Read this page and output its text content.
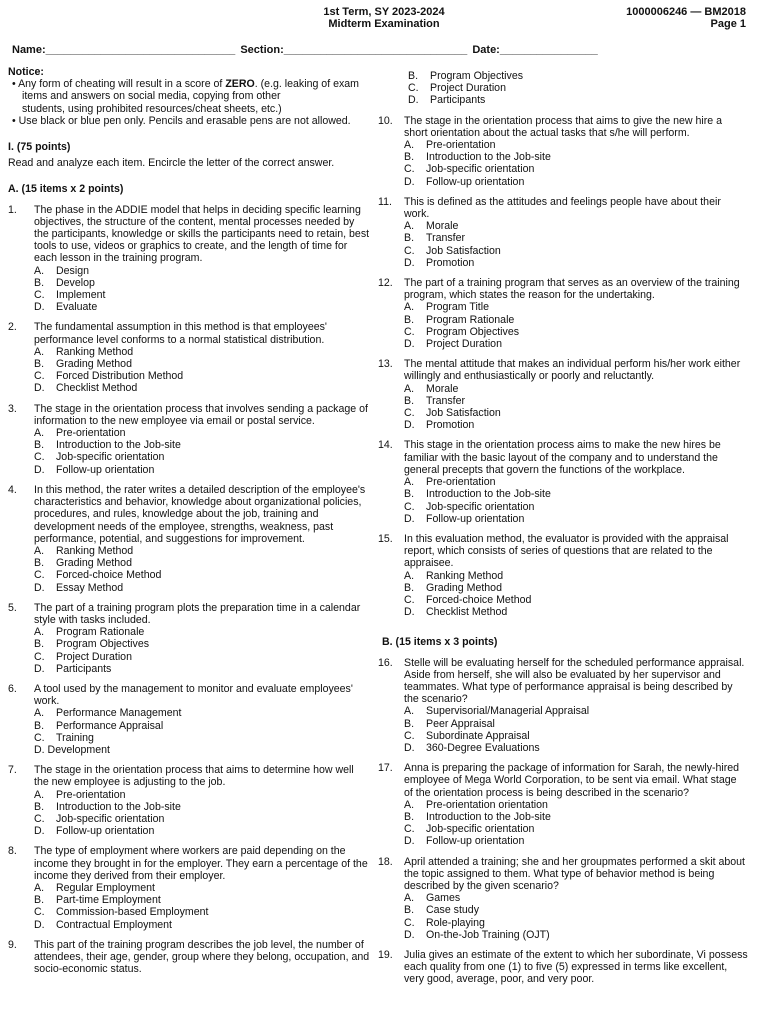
1st Term, SY 2023-2024
Midterm Examination
1000006246 — BM2018
Page 1
Name:_______________________________ Section:______________________________ Date:________________
Notice:
• Any form of cheating will result in a score of ZERO. (e.g. leaking of exam items and answers on social media, copying from other
students, using prohibited resources/cheat sheets, etc.)
• Use black or blue pen only. Pencils and erasable pens are not allowed.
I. (75 points)
Read and analyze each item. Encircle the letter of the correct answer.
A. (15 items x 2 points)
1.	The phase in the ADDIE model that helps in deciding specific learning objectives, the structure of the content, mental processes needed by the participants, knowledge or skills the participants need to retain, best tools to use, videos or graphics to create, and the length of time for each lesson in the training program.
A.	Design
B.	Develop
C.	Implement
D.	Evaluate
2.	The fundamental assumption in this method is that employees' performance level conforms to a normal statistical distribution.
A.	Ranking Method
B.	Grading Method
C.	Forced Distribution Method
D.	Checklist Method
3.	The stage in the orientation process that involves sending a package of information to the new employee via email or postal service.
A.	Pre-orientation
B.	Introduction to the Job-site
C.	Job-specific orientation
D.	Follow-up orientation
4.	In this method, the rater writes a detailed description of the employee's characteristics and behavior, knowledge about organizational policies, procedures, and rules, knowledge about the job, training and development needs of the employee, strengths, weakness, past performance, potential, and suggestions for improvement.
A.	Ranking Method
B.	Grading Method
C.	Forced-choice Method
D.	Essay Method
5.	The part of a training program plots the preparation time in a calendar style with tasks included.
A.	Program Rationale
B.	Program Objectives
C.	Project Duration
D.	Participants
6.	A tool used by the management to monitor and evaluate employees' work.
A.	Performance Management
B.	Performance Appraisal
C.	Training
D. Development
7.	The stage in the orientation process that aims to determine how well the new employee is adjusting to the job.
A.	Pre-orientation
B.	Introduction to the Job-site
C.	Job-specific orientation
D.	Follow-up orientation
8.	The type of employment where workers are paid depending on the income they brought in for the employer. They earn a percentage of the income they derived from their employer.
A.	Regular Employment
B.	Part-time Employment
C.	Commission-based Employment
D.	Contractual Employment
9.	This part of the training program describes the job level, the number of attendees, their age, gender, group where they belong, occupation, and socio-economic status.
B.	Program Objectives
C.	Project Duration
D.	Participants
10.	The stage in the orientation process that aims to give the new hire a short orientation about the actual tasks that s/he will perform.
A.	Pre-orientation
B.	Introduction to the Job-site
C.	Job-specific orientation
D.	Follow-up orientation
11.	This is defined as the attitudes and feelings people have about their work.
A.	Morale
B.	Transfer
C.	Job Satisfaction
D.	Promotion
12.	The part of a training program that serves as an overview of the training program, which states the reason for the undertaking.
A.	Program Title
B.	Program Rationale
C.	Program Objectives
D.	Project Duration
13.	The mental attitude that makes an individual perform his/her work either willingly and enthusiastically or poorly and reluctantly.
A.	Morale
B.	Transfer
C.	Job Satisfaction
D.	Promotion
14.	This stage in the orientation process aims to make the new hires be familiar with the basic layout of the company and to understand the general precepts that govern the functions of the workplace.
A.	Pre-orientation
B.	Introduction to the Job-site
C.	Job-specific orientation
D.	Follow-up orientation
15.	In this evaluation method, the evaluator is provided with the appraisal report, which consists of series of questions that are related to the appraisee.
A.	Ranking Method
B.	Grading Method
C.	Forced-choice Method
D.	Checklist Method
B. (15 items x 3 points)
16.	Stelle will be evaluating herself for the scheduled performance appraisal. Aside from herself, she will also be evaluated by her supervisor and teammates. What type of performance appraisal is being described by the scenario?
A.	Supervisorial/Managerial Appraisal
B.	Peer Appraisal
C.	Subordinate Appraisal
D.	360-Degree Evaluations
17.	Anna is preparing the package of information for Sarah, the newly-hired employee of Mega World Corporation, to be sent via email. What stage of the orientation process is being described in the scenario?
A.	Pre-orientation orientation
B.	Introduction to the Job-site
C.	Job-specific orientation
D.	Follow-up orientation
18.	April attended a training; she and her groupmates performed a skit about the topic assigned to them. What type of behavior method is being described by the given scenario?
A.	Games
B.	Case study
C.	Role-playing
D.	On-the-Job Training (OJT)
19.	Julia gives an estimate of the extent to which her subordinate, Vi possess each quality from one (1) to five (5) expressed in terms like excellent, very good, average, poor, and very poor.
